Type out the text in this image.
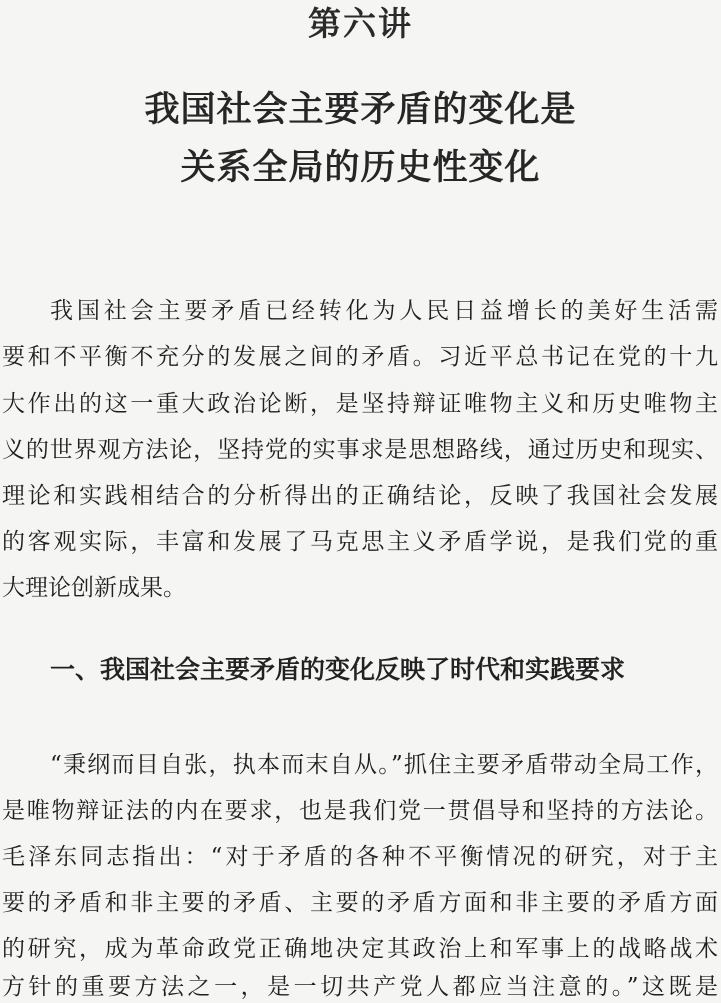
第六讲
我国社会主要矛盾的变化是
关系全局的历史性变化
我国社会主要矛盾已经转化为人民日益增长的美好生活需
要和不平衡不充分的发展之间的矛盾。习近平总书记在党的十九
大作出的这一重大政治论断，是坚持辩证唯物主义和历史唯物主
义的世界观方法论，坚持党的实事求是思想路线，通过历史和现实、
理论和实践相结合的分析得出的正确结论，反映了我国社会发展
的客观实际，丰富和发展了马克思主义矛盾学说，是我们党的重
大理论创新成果。
一、我国社会主要矛盾的变化反映了时代和实践要求
“秉纲而目自张，执本而末自从。”抓住主要矛盾带动全局工作，
是唯物辩证法的内在要求，也是我们党一贯倡导和坚持的方法论。
毛泽东同志指出：“对于矛盾的各种不平衡情况的研究，对于主
要的矛盾和非主要的矛盾、主要的矛盾方面和非主要的矛盾方面
的研究，成为革命政党正确地决定其政治上和军事上的战略战术
方针的重要方法之一，是一切共产党人都应当注意的。”这既是
